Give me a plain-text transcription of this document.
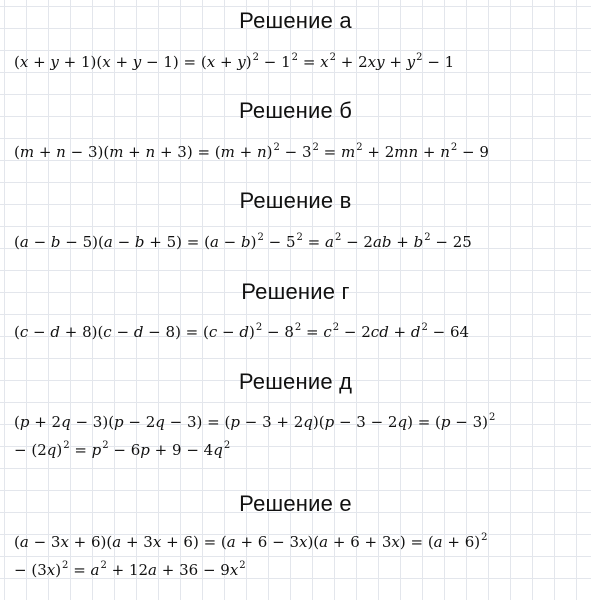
Решение а
(𝑥 + 𝑦 + 1)(𝑥 + 𝑦 − 1) = (𝑥 + 𝑦)$^2$ − $1^2$ = 𝑥$^2$ + 2𝑥𝑦 + 𝑦$^2$ − 1
Решение б
(𝑚 + 𝑛 − 3)(𝑚 + 𝑛 + 3) = (𝑚 + 𝑛)$^2$ − $3^2$ = 𝑚$^2$ + 2𝑚𝑛 + 𝑛$^2$ − 9
Решение в
(𝑎 − 𝑏 − 5)(𝑎 − 𝑏 + 5) = (𝑎 − 𝑏)$^2$ − $5^2$ = 𝑎$^2$ − 2𝑎𝑏 + 𝑏$^2$ − 25
Решение г
(𝑐 − 𝑑 + 8)(𝑐 − 𝑑 − 8) = (𝑐 − 𝑑)$^2$ − $8^2$ = 𝑐$^2$ − 2𝑐𝑑 + 𝑑$^2$ − 64
Решение д
(𝑝 + 2𝑞 − 3)(𝑝 − 2𝑞 − 3) = (𝑝 − 3 + 2𝑞)(𝑝 − 3 − 2𝑞) = (𝑝 − 3)$^2$
− (2𝑞)$^2$ = 𝑝$^2$ − 6𝑝 + 9 − 4𝑞$^2$
Решение е
(𝑎 − 3𝑥 + 6)(𝑎 + 3𝑥 + 6) = (𝑎 + 6 − 3𝑥)(𝑎 + 6 + 3𝑥) = (𝑎 + 6)$^2$
− (3𝑥)$^2$ = 𝑎$^2$ + 12𝑎 + 36 − 9𝑥$^2$
